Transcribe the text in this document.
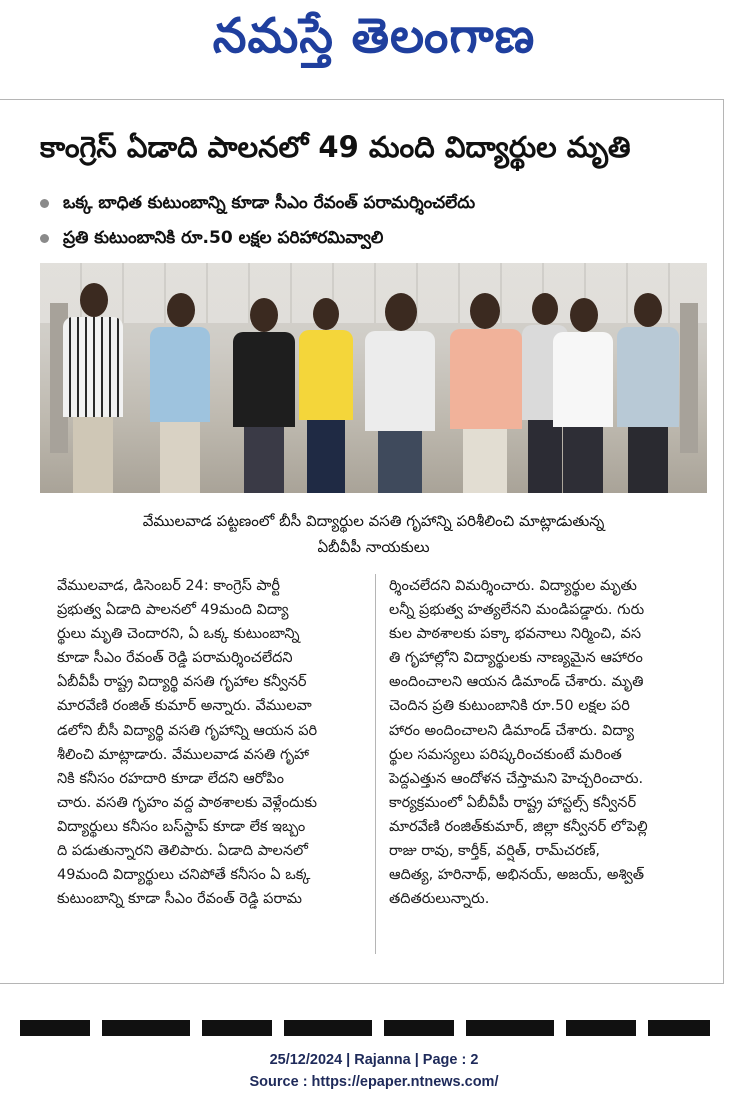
నమస్తే తెలంగాణ
కాంగ్రెస్ ఏడాది పాలనలో 49 మంది విద్యార్థుల మృతి
ఒక్క బాధిత కుటుంబాన్ని కూడా సీఎం రేవంత్ పరామర్శించలేదు
ప్రతి కుటుంబానికి రూ.50 లక్షల పరిహారమివ్వాలి
వేములవాడ పట్టణంలో బీసీ విద్యార్థుల వసతి గృహాన్ని పరిశీలించి మాట్లాడుతున్న
ఏబీవీపీ నాయకులు
వేములవాడ, డిసెంబర్ 24: కాంగ్రెస్ పార్టీ
ప్రభుత్వ ఏడాది పాలనలో 49మంది విద్యా
ర్థులు మృతి చెందారని, ఏ ఒక్క కుటుంబాన్ని
కూడా సీఎం రేవంత్ రెడ్డి పరామర్శించలేదని
ఏబీవీపీ రాష్ట్ర విద్యార్థి వసతి గృహాల కన్వీనర్
మారవేణి రంజిత్ కుమార్ అన్నారు. వేములవా
డలోని బీసీ విద్యార్థి వసతి గృహాన్ని ఆయన పరి
శీలించి మాట్లాడారు. వేములవాడ వసతి గృహా
నికి కనీసం రహదారి కూడా లేదని ఆరోపిం
చారు. వసతి గృహం వద్ద పాఠశాలకు వెళ్లేందుకు
విద్యార్థులు కనీసం బస్‌స్టాప్ కూడా లేక ఇబ్బం
ది పడుతున్నారని తెలిపారు. ఏడాది పాలనలో
49మంది విద్యార్థులు చనిపోతే కనీసం ఏ ఒక్క
కుటుంబాన్ని కూడా సీఎం రేవంత్ రెడ్డి పరామ
ర్శించలేదని విమర్శించారు. విద్యార్థుల మృతు
లన్నీ ప్రభుత్వ హత్యలేనని మండిపడ్డారు. గురు
కుల పాఠశాలకు పక్కా భవనాలు నిర్మించి, వస
తి గృహాల్లోని విద్యార్థులకు నాణ్యమైన ఆహారం
అందించాలని ఆయన డిమాండ్ చేశారు. మృతి
చెందిన ప్రతి కుటుంబానికి రూ.50 లక్షల పరి
హారం అందించాలని డిమాండ్ చేశారు. విద్యా
ర్థుల సమస్యలు పరిష్కరించకుంటే మరింత
పెద్దఎత్తున ఆందోళన చేస్తామని హెచ్చరించారు.
కార్యక్రమంలో ఏబీవీపీ రాష్ట్ర హాస్టల్స్ కన్వీనర్
మారవేణి రంజిత్‌కుమార్, జిల్లా కన్వీనర్ లోపెల్లి
రాజు రావు, కార్తీక్, వర్షిత్, రామ్‌చరణ్,
ఆదిత్య, హరినాథ్, అభినయ్, అజయ్, అశ్విత్
తదితరులున్నారు.
25/12/2024 | Rajanna | Page : 2
Source : https://epaper.ntnews.com/
